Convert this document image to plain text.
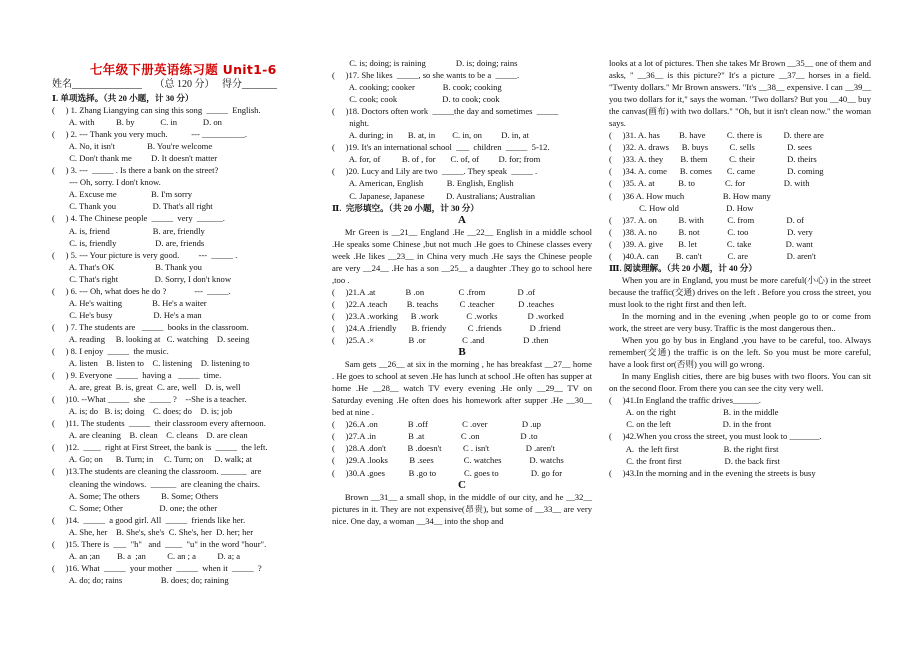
七年级下册英语练习题 Unit1-6
姓名______________ （总 120 分） 得分_______
Ⅰ. 单项选择。（共 20 小题，计 30 分）
(     ) 1. Zhang Liangying can sing this song  _____  English.
A. with          B. by            C. in            D. on
(     ) 2. --- Thank you very much.           --- __________.
A. No, it isn't               B. You're welcome
C. Don't thank me         D. It doesn't matter
(     ) 3. ---  _____ . Is there a bank on the street?
--- Oh, sorry. I don't know.
A. Excuse me                B. I'm sorry
C. Thank you                 D. That's all right
(     ) 4. The Chinese people  _____  very  ______.
A. is, friend                    B. are, friendly
C. is, friendly                  D. are, friends
(     ) 5. --- Your picture is very good.         ---  _____ .
A. That's OK                   B. Thank you
C. That's right                 D. Sorry, I don't know
(     ) 6. --- Oh, what does he do ?             ---  _____.
A. He's waiting              B. He's a waiter
C. He's busy                   D. He's a man
(     ) 7. The students are   _____  books in the classroom.
A. reading     B. looking at   C. watching    D. seeing
(     ) 8. I enjoy  _____  the music.
A. listen    B. listen to    C. listening    D. listening to
(     ) 9. Everyone  _____  having a   _____  time.
A. are, great  B. is, great  C. are, well    D. is, well
(     )10. --What _____  she  _____ ?    --She is a teacher.
A. is; do   B. is; doing    C. does; do    D. is; job
(     )11. The students  _____  their classroom every afternoon.
A. are cleaning    B. clean    C. cleans    D. are clean
(     )12.  ____  right at First Street, the bank is  _____  the left.
A. Go; on      B. Turn; in     C. Turn; on     D. walk; at
(     )13.The students are cleaning the classroom. ______  are
cleaning the windows.  ______  are cleaning the chairs.
A. Some; The others          B. Some; Others
C. Some; Other                 D. one; the other
(     )14.  _____  a good girl. All  _____  friends like her.
A. She, her    B. She's, she's  C. She's, her  D. her; her
(     )15. There is  ___  "h"   and  ____  "u" in the word "hour".
A. an ;an        B. a  ;an          C. an ; a          D. a; a
(     )16. What  _____  your mother  _____  when it  _____  ?
A. do; do; rains                  B. does; do; raining
C. is; doing; is raining              D. is; doing; rains
(     )17. She likes  _____, so she wants to be a  _____.
A. cooking; cooker             B. cook; cooking
C. cook; cook                     D. to cook; cook
(     )18. Doctors often work  _____the day and sometimes  _____
night.
A. during; in       B. at, in        C. in, on         D. in, at
(     )19. It's an international school  ___  children  _____  5-12.
A. for, of          B. of , for       C. of, of         D. for; from
(     )20. Lucy and Lily are two  _____. They speak  _____ .
A. American, English           B. English, English
C. Japanese, Japanese          D. Australians; Australian
Ⅱ.  完形填空。（共 20 小题，计 30 分）
A
Mr Green is __21__ England .He __22__ English in a middle school .He speaks some Chinese ,but not much .He goes to Chinese classes every week .He likes __23__ in China very much .He says the Chinese people are very __24__ .He has a son __25__ a daughter .They go to school here ,too .
(     )21.A .at              B .on                C .from               D .of
(     )22.A .teach         B. teachs          C .teacher           D .teaches
(     )23.A .working      B .work             C .works              D .worked
(     )24.A .friendly       B. friendy          C .friends             D .friend
(     )25.A .×                B .or                 C .and                  D .then
B
Sam gets __26__ at six in the morning , he has breakfast __27__ home . He goes to school at seven .He has lunch at school .He often has supper at home .He __28__ watch TV every evening .He only __29__ TV on Saturday evening .He often does his homework after supper .He __30__ bed at nine .
(     )26.A .on              B .off                C .over                D .up
(     )27.A .in               B .at                 C .on                   D .to
(     )28.A .don't          B .doesn't          C . isn't                 D .aren't
(     )29.A .looks          B .sees              C. watches             D. watchs
(     )30.A .goes           B .go to             C. goes to               D. go for
C
Brown __31__ a small shop, in the middle of our city, and he __32__ pictures in it. They are not expensive(昂贵), but some of __33__ are very nice. One day, a woman __34__ into the shop and
looks at a lot of pictures. Then she takes Mr Brown __35__ one of them and asks, " __36__ is this picture?" It's a picture __37__ horses in a field. "Twenty dollars." Mr Brown answers. "It's __38__ expensive. I can __39__ you two dollars for it," says the woman. "Two dollars? But you __40__ buy the canvas(画布) with two dollars." "Oh, but it isn't clean now." the woman says.
(     )31. A. has         B. have          C. there is          D. there are
(     )32. A. draws      B. buys          C. sells               D. sees
(     )33. A. they        B. them          C. their               D. theirs
(     )34. A. come      B. comes       C. came               D. coming
(     )35. A. at           B. to              C. for                  D. with
(     )36 A. How much                  B. How many
C. How old                      D. How
(     )37. A. on          B. with           C. from               D. of
(     )38. A. no          B. not             C. too                  D. very
(     )39. A. give       B. let              C. take                D. want
(     )40.A. can        B. can't            C. are                  D. aren't
Ⅲ. 阅读理解。（共 20 小题，计 40 分）
When you are in England, you must be more careful(小心) in the street because the traffic(交通) drives on the left . Before you cross the street, you must look to the right first and then left.
In the morning and in the evening ,when people go to or come from work, the street are very busy. Traffic is the most dangerous then..
When you go by bus in England ,you have to be careful, too. Always remember(交通) the traffic is on the left. So you must be more careful, have a look first or(否则) you will go wrong.
In many English cities, there are big buses with two floors. You can sit on the second floor. From there you can see the city very well.
(     )41.In England the traffic drives______.
A. on the right                      B. in the middle
C. on the left                        D. in the front
(     )42.When you cross the street, you must look to _______.
A.  the left first                     B. the right first
C. the front first                    D. the back first
(     )43.In the morning and in the evening the streets is busy
